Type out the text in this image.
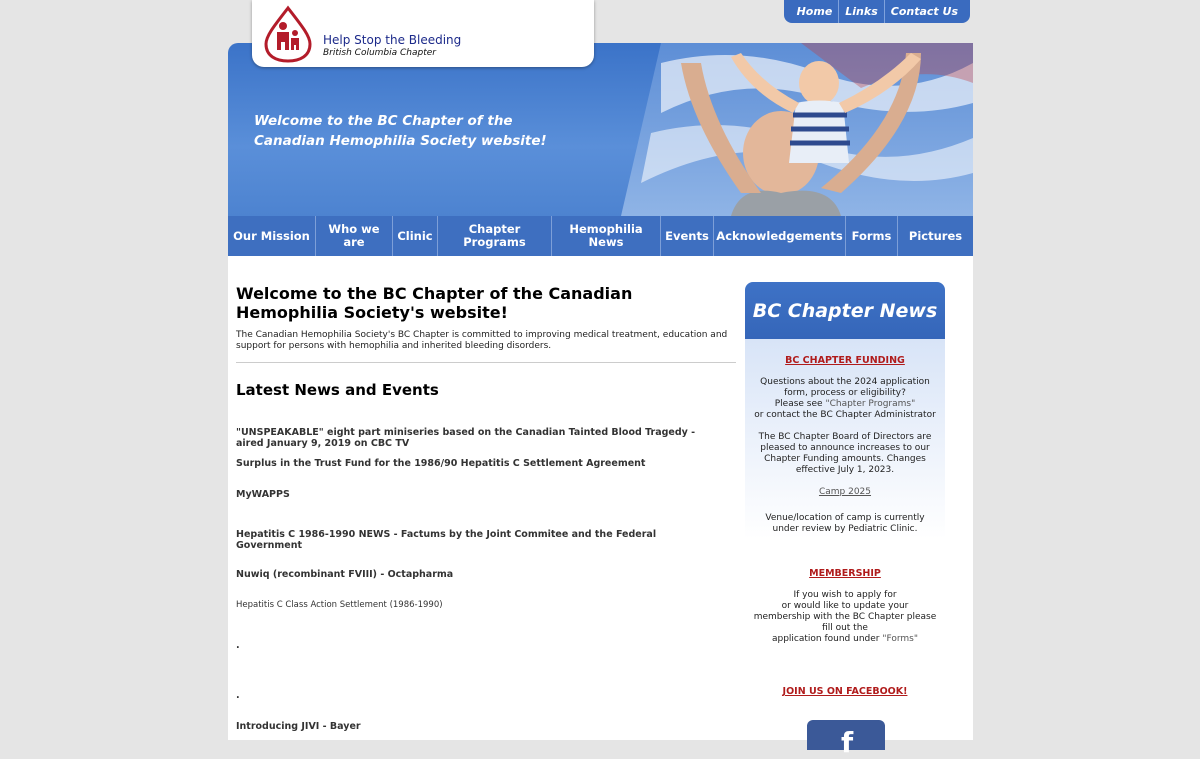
Welcome to the BC Chapter of the
Canadian Hemophilia Society website!
Help Stop the Bleeding
British Columbia Chapter
Home	Links	Contact Us
Our Mission	Who we are	Clinic	Chapter Programs
Hemophilia News	Events Acknowledgements Forms	Pictures
Welcome to the BC Chapter of the Canadian Hemophilia Society's website!

The Canadian Hemophilia Society's BC Chapter is committed to improving medical treatment, education and support for persons with hemophilia and inherited bleeding disorders.

Latest News and Events
"UNSPEAKABLE" eight part miniseries based on the Canadian Tainted Blood Tragedy - aired January 9, 2019 on CBC TV
Surplus in the Trust Fund for the 1986/90 Hepatitis C Settlement Agreement
MyWAPPS
Hepatitis C 1986-1990 NEWS - Factums by the Joint Commitee and the Federal Government
Nuwiq (recombinant FVIII) - Octapharma
Hepatitis C Class Action Settlement (1986-1990)
.
.
Introducing JIVI - Bayer
BC Chapter News
BC CHAPTER FUNDING
Questions about the 2024 application
form, process or eligibility?
Please see "Chapter Programs"
or contact the BC Chapter Administrator
The BC Chapter Board of Directors are
pleased to announce increases to our
Chapter Funding amounts. Changes
effective July 1, 2023.
Camp 2025
Venue/location of camp is currently
under review by Pediatric Clinic.
MEMBERSHIP
If you wish to apply for
or would like to update your
membership with the BC Chapter please
fill out the
application found under "Forms"
JOIN US ON FACEBOOK!
f
